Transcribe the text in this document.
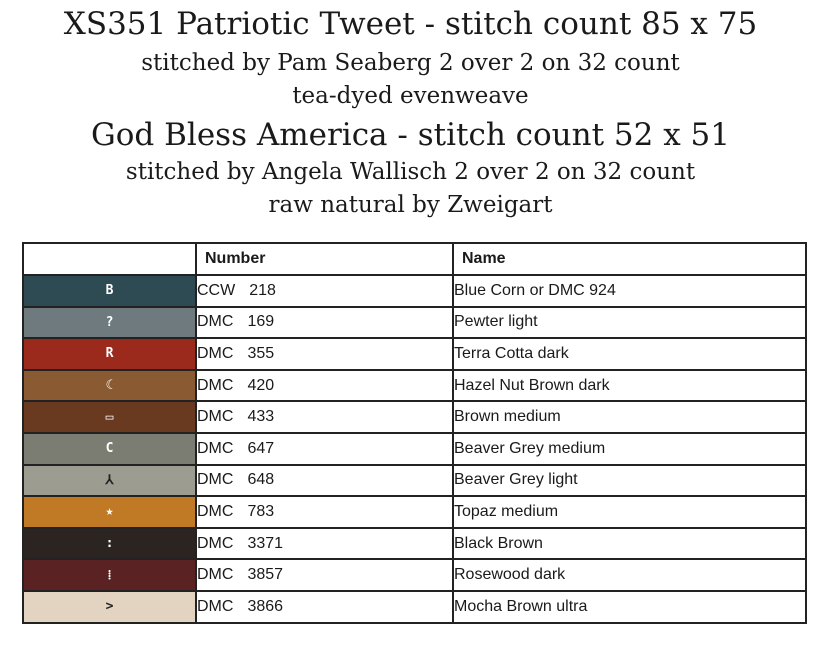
XS351 Patriotic Tweet - stitch count 85 x 75
stitched by Pam Seaberg 2 over 2 on 32 count
tea-dyed evenweave
God Bless America - stitch count 52 x 51
stitched by Angela Wallisch 2 over 2 on 32 count
raw natural by Zweigart
	Number	Name
B	CCW 218	Blue Corn or DMC 924
?	DMC 169	Pewter light
R	DMC 355	Terra Cotta dark
☾	DMC 420	Hazel Nut Brown dark
▭	DMC 433	Brown medium
C	DMC 647	Beaver Grey medium
⅄	DMC 648	Beaver Grey light
★	DMC 783	Topaz medium
:	DMC 3371	Black Brown
⁞	DMC 3857	Rosewood dark
>	DMC 3866	Mocha Brown ultra
